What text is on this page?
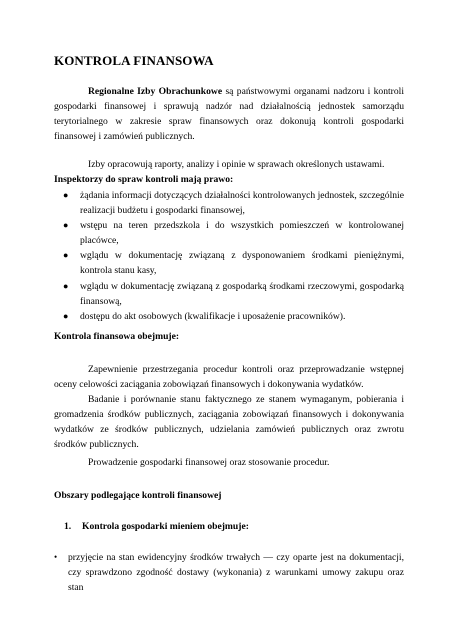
KONTROLA FINANSOWA

Regionalne Izby Obrachunkowe są państwowymi organami nadzoru i kontroli gospodarki finansowej i sprawują nadzór nad działalnością jednostek samorządu terytorialnego w zakresie spraw finansowych oraz dokonują kontroli gospodarki finansowej i zamówień publicznych.

Izby opracowują raporty, analizy i opinie w sprawach określonych ustawami.

Inspektorzy do spraw kontroli mają prawo:

● żądania informacji dotyczących działalności kontrolowanych jednostek, szczególnie realizacji budżetu i gospodarki finansowej,
● wstępu na teren przedszkola i do wszystkich pomieszczeń w kontrolowanej placówce,
● wglądu w dokumentację związaną z dysponowaniem środkami pieniężnymi, kontrola stanu kasy,
● wglądu w dokumentację związaną z gospodarką środkami rzeczowymi, gospodarką finansową,
● dostępu do akt osobowych (kwalifikacje i uposażenie pracowników).

Kontrola finansowa obejmuje:

Zapewnienie przestrzegania procedur kontroli oraz przeprowadzanie wstępnej oceny celowości zaciągania zobowiązań finansowych i dokonywania wydatków.

Badanie i porównanie stanu faktycznego ze stanem wymaganym, pobierania i gromadzenia środków publicznych, zaciągania zobowiązań finansowych i dokonywania wydatków ze środków publicznych, udzielania zamówień publicznych oraz zwrotu środków publicznych.

Prowadzenie gospodarki finansowej oraz stosowanie procedur.

Obszary podlegające kontroli finansowej

1. Kontrola gospodarki mieniem obejmuje:

• przyjęcie na stan ewidencyjny środków trwałych — czy oparte jest na dokumentacji, czy sprawdzono zgodność dostawy (wykonania) z warunkami umowy zakupu oraz stan
